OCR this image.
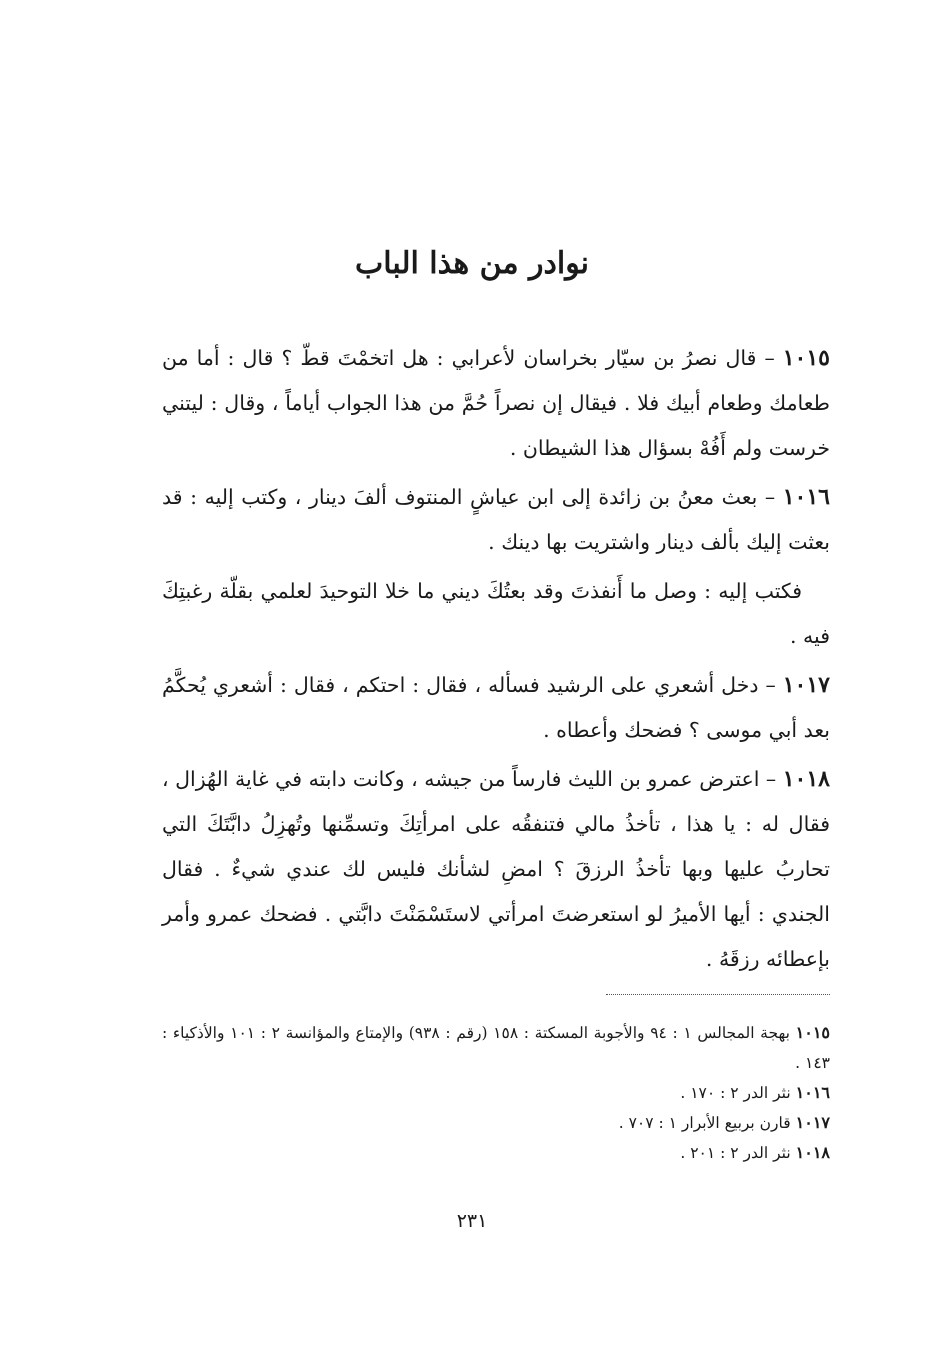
نوادر من هذا الباب

١٠١٥ – قال نصرُ بن سيّار بخراسان لأعرابي : هل اتخمْتَ قطّ ؟ قال : أما من طعامك وطعام أبيك فلا . فيقال إن نصراً حُمَّ من هذا الجواب أياماً ، وقال : ليتني خرست ولم أَفُهْ بسؤال هذا الشيطان .

١٠١٦ – بعث معنُ بن زائدة إلى ابن عياشٍ المنتوف ألفَ دينار ، وكتب إليه : قد بعثت إليك بألف دينار واشتريت بها دينك .

فكتب إليه : وصل ما أَنفذتَ وقد بعتُكَ ديني ما خلا التوحيدَ لعلمي بقلّة رغبتِكَ فيه .

١٠١٧ – دخل أشعري على الرشيد فسأله ، فقال : احتكم ، فقال : أشعري يُحكَّمُ بعد أبي موسى ؟ فضحك وأعطاه .

١٠١٨ – اعترض عمرو بن الليث فارساً من جيشه ، وكانت دابته في غاية الهُزال ، فقال له : يا هذا ، تأخذُ مالي فتنفقُه على امرأتِكَ وتسمِّنها وتُهزِلُ دابَّتَكَ التي تحاربُ عليها وبها تأخذُ الرزقَ ؟ امضِ لشأنك فليس لك عندي شيءٌ . فقال الجندي : أيها الأميرُ لو استعرضتَ امرأتي لاستَسْمَنْتَ دابَّتي . فضحك عمرو وأمر بإعطائه رزقَهُ .

١٠١٥ بهجة المجالس ١ : ٩٤ والأجوبة المسكتة : ١٥٨ (رقم : ٩٣٨) والإمتاع والمؤانسة ٢ : ١٠١ والأذكياء : ١٤٣ .

١٠١٦ نثر الدر ٢ : ١٧٠ .

١٠١٧ قارن بربيع الأبرار ١ : ٧٠٧ .

١٠١٨ نثر الدر ٢ : ٢٠١ .

٢٣١
